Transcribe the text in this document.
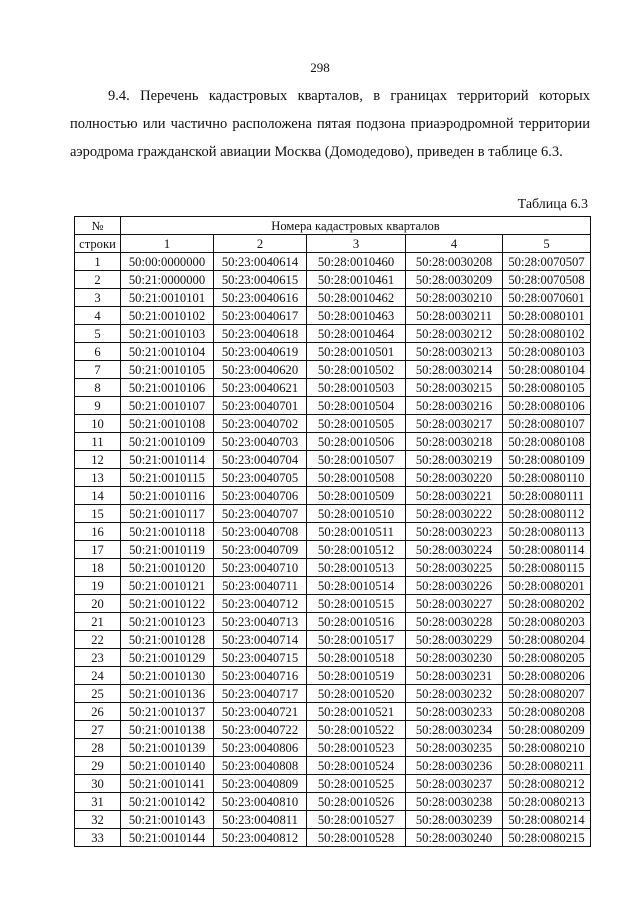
298

9.4. Перечень кадастровых кварталов, в границах территорий которых полностью или частично расположена пятая подзона приаэродромной территории аэродрома гражданской авиации Москва (Домодедово), приведен в таблице 6.3.

Таблица 6.3
№	Номера кадастровых кварталов				
строки	1	2	3	4	5
1	50:00:0000000	50:23:0040614	50:28:0010460	50:28:0030208	50:28:0070507
2	50:21:0000000	50:23:0040615	50:28:0010461	50:28:0030209	50:28:0070508
3	50:21:0010101	50:23:0040616	50:28:0010462	50:28:0030210	50:28:0070601
4	50:21:0010102	50:23:0040617	50:28:0010463	50:28:0030211	50:28:0080101
5	50:21:0010103	50:23:0040618	50:28:0010464	50:28:0030212	50:28:0080102
6	50:21:0010104	50:23:0040619	50:28:0010501	50:28:0030213	50:28:0080103
7	50:21:0010105	50:23:0040620	50:28:0010502	50:28:0030214	50:28:0080104
8	50:21:0010106	50:23:0040621	50:28:0010503	50:28:0030215	50:28:0080105
9	50:21:0010107	50:23:0040701	50:28:0010504	50:28:0030216	50:28:0080106
10	50:21:0010108	50:23:0040702	50:28:0010505	50:28:0030217	50:28:0080107
11	50:21:0010109	50:23:0040703	50:28:0010506	50:28:0030218	50:28:0080108
12	50:21:0010114	50:23:0040704	50:28:0010507	50:28:0030219	50:28:0080109
13	50:21:0010115	50:23:0040705	50:28:0010508	50:28:0030220	50:28:0080110
14	50:21:0010116	50:23:0040706	50:28:0010509	50:28:0030221	50:28:0080111
15	50:21:0010117	50:23:0040707	50:28:0010510	50:28:0030222	50:28:0080112
16	50:21:0010118	50:23:0040708	50:28:0010511	50:28:0030223	50:28:0080113
17	50:21:0010119	50:23:0040709	50:28:0010512	50:28:0030224	50:28:0080114
18	50:21:0010120	50:23:0040710	50:28:0010513	50:28:0030225	50:28:0080115
19	50:21:0010121	50:23:0040711	50:28:0010514	50:28:0030226	50:28:0080201
20	50:21:0010122	50:23:0040712	50:28:0010515	50:28:0030227	50:28:0080202
21	50:21:0010123	50:23:0040713	50:28:0010516	50:28:0030228	50:28:0080203
22	50:21:0010128	50:23:0040714	50:28:0010517	50:28:0030229	50:28:0080204
23	50:21:0010129	50:23:0040715	50:28:0010518	50:28:0030230	50:28:0080205
24	50:21:0010130	50:23:0040716	50:28:0010519	50:28:0030231	50:28:0080206
25	50:21:0010136	50:23:0040717	50:28:0010520	50:28:0030232	50:28:0080207
26	50:21:0010137	50:23:0040721	50:28:0010521	50:28:0030233	50:28:0080208
27	50:21:0010138	50:23:0040722	50:28:0010522	50:28:0030234	50:28:0080209
28	50:21:0010139	50:23:0040806	50:28:0010523	50:28:0030235	50:28:0080210
29	50:21:0010140	50:23:0040808	50:28:0010524	50:28:0030236	50:28:0080211
30	50:21:0010141	50:23:0040809	50:28:0010525	50:28:0030237	50:28:0080212
31	50:21:0010142	50:23:0040810	50:28:0010526	50:28:0030238	50:28:0080213
32	50:21:0010143	50:23:0040811	50:28:0010527	50:28:0030239	50:28:0080214
33	50:21:0010144	50:23:0040812	50:28:0010528	50:28:0030240	50:28:0080215
